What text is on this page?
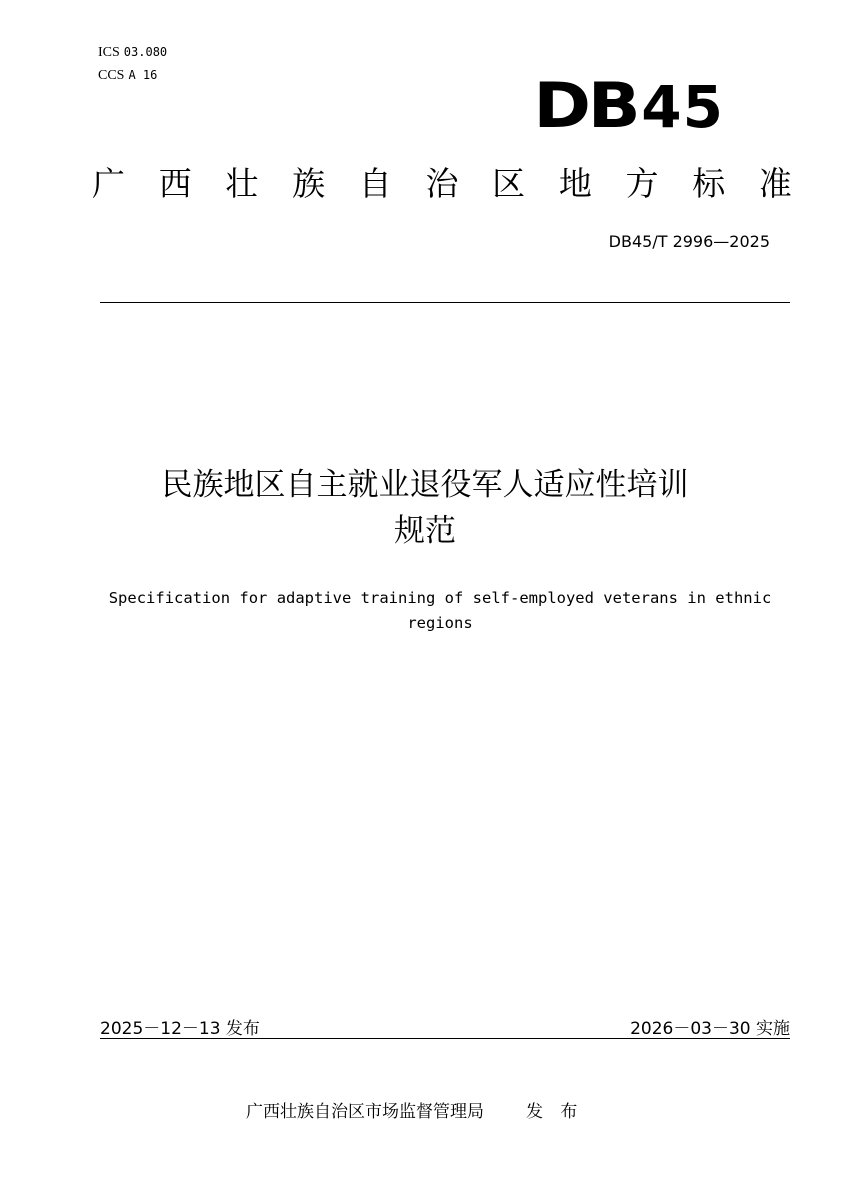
ICS 03.080
CCS A 16	DB45
广 西 壮 族 自 治 区 地 方 标 准
DB45/T 2996—2025
民族地区自主就业退役军人适应性培训
规范
Specification for adaptive training of self-employed veterans in ethnic
regions
2025－12－13 发布	2026－03－30 实施
广西壮族自治区市场监督管理局 发 布
